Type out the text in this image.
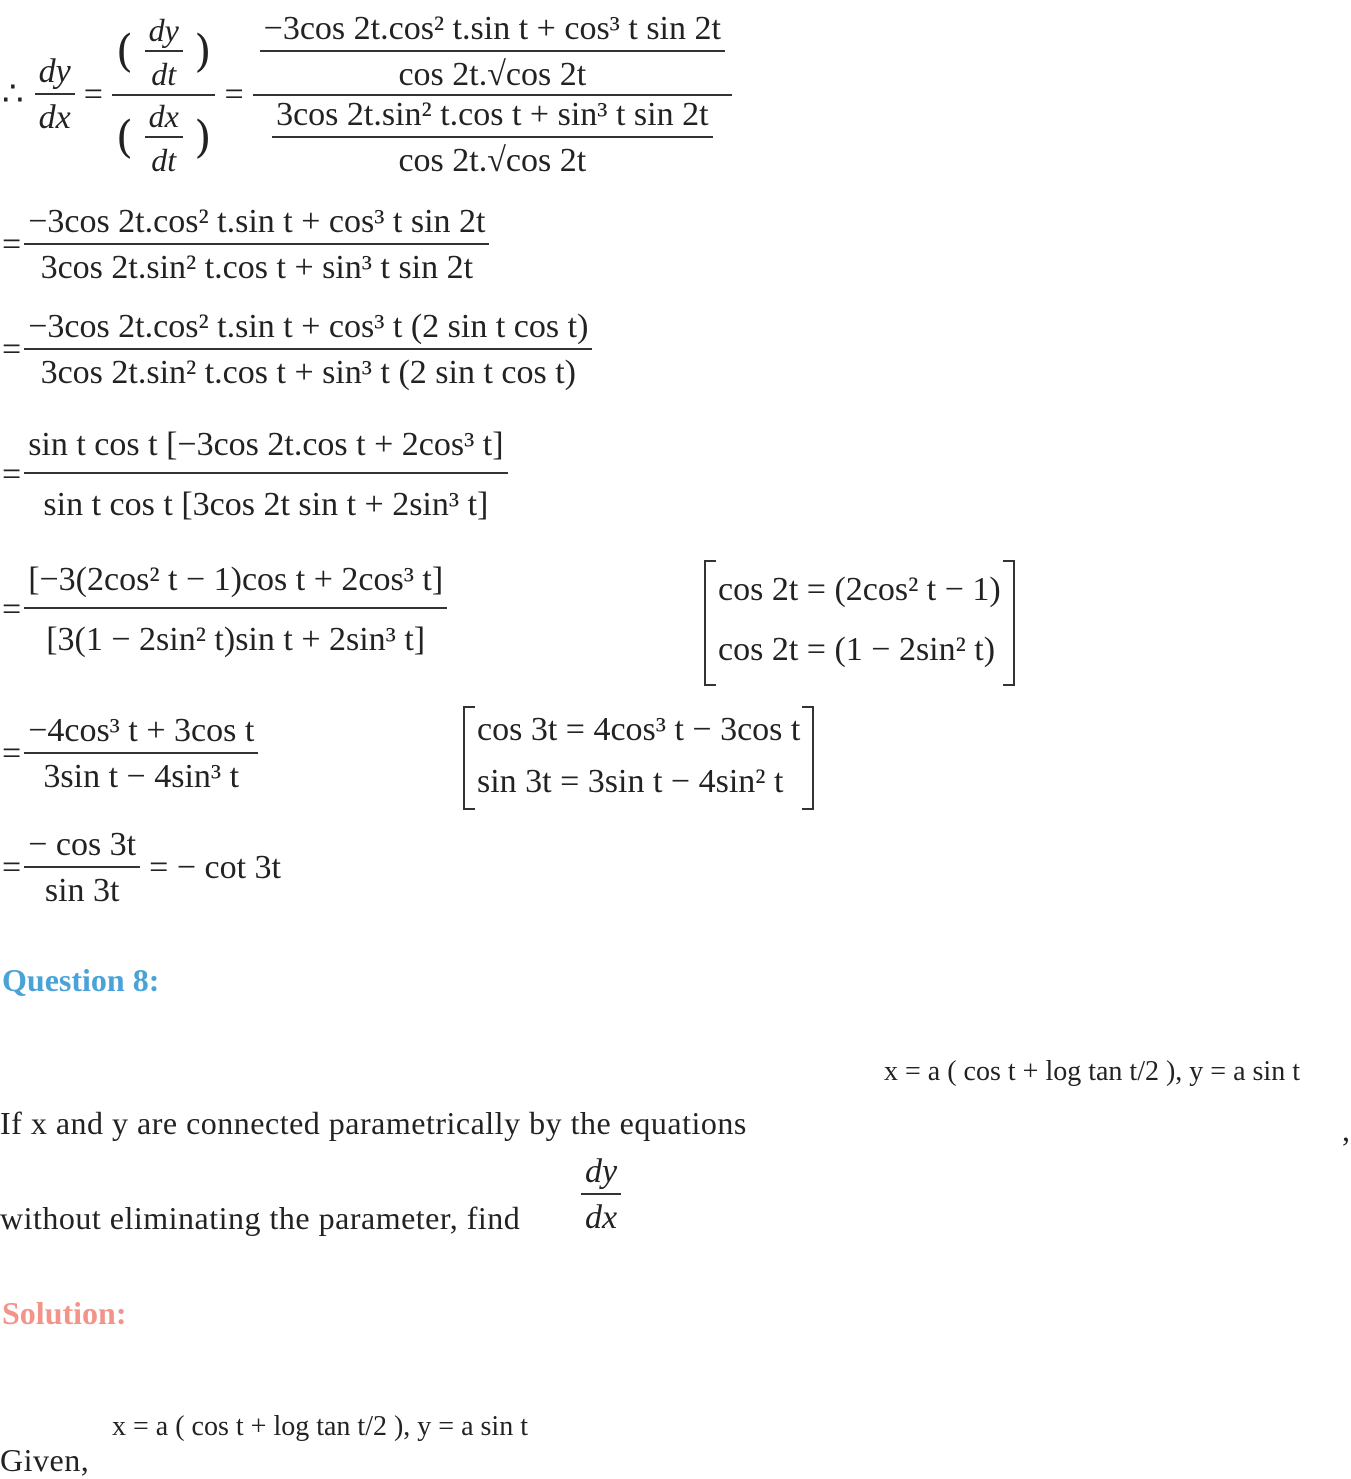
∴ $\frac{dy}{dx} = \frac{( \frac{dy}{dt} )}{( \frac{dx}{dt} )} = \frac{\frac{\text{−3cos 2t.cos² t.sin t + cos³ t sin 2t}}{\cos 2t.√\cos 2t}}{\frac{\text{3cos 2t.sin² t.cos t + sin³ t sin 2t}}{\cos 2t.√\cos 2t}}$
= $\frac{\text{−3cos 2t.cos² t.sin t + cos³ t sin 2t}}{\text{3cos 2t.sin² t.cos t + sin³ t sin 2t}}$
= $\frac{\text{−3cos 2t.cos² t.sin t + cos³ t (2 sin t cos t)}}{\text{3cos 2t.sin² t.cos t + sin³ t (2 sin t cos t)}}$
= $\frac{\text{sin t cos t [−3cos 2t.cos t + 2cos³ t]}}{\text{sin t cos t [3cos 2t sin t + 2sin³ t]}}$
= $\frac{\text{[−3(2cos² t − 1)cos t + 2cos³ t]}}{\text{[3(1 − 2sin² t)sin t + 2sin³ t]}}$	cos 2t = (2cos² t − 1)
cos 2t = (1 − 2sin² t)
= $\frac{\text{−4cos³ t + 3cos t}}{\text{3sin t − 4sin³ t}}$	cos 3t = 4cos³ t − 3cos t
sin 3t = 3sin t − 4sin² t
= $\frac{- \cos 3t}{\sin 3t}$ = − cot 3t
Question 8:
If x and y are connected parametrically by the equations
x = a ( cos t + log tan t/2 ), y = a sin t
,
without eliminating the parameter, find $\frac{dy}{dx}$
Solution:
Given,
x = a ( cos t + log tan t/2 ), y = a sin t
